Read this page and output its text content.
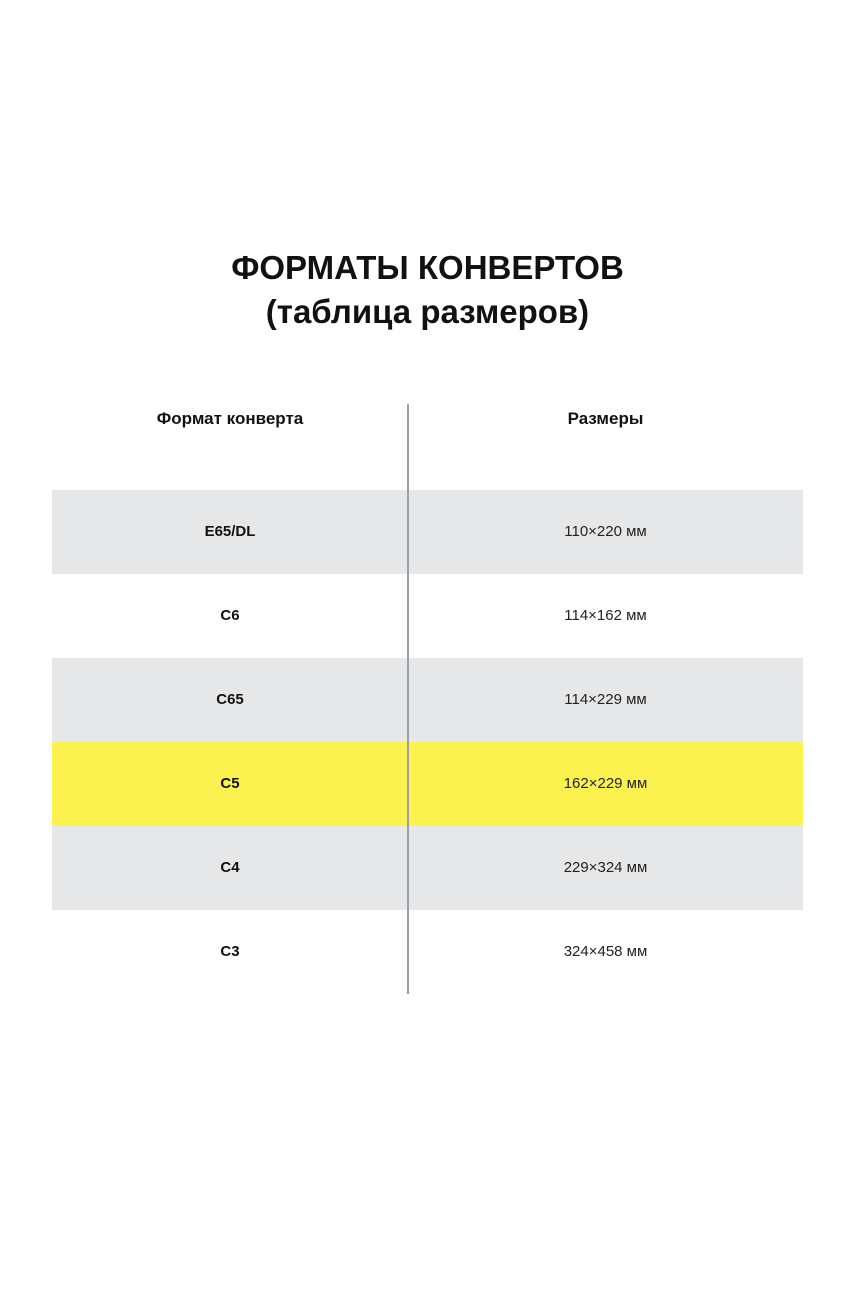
ФОРМАТЫ КОНВЕРТОВ
(таблица размеров)
Формат конверта	Размеры
E65/DL	110×220 мм
C6	114×162 мм
C65	114×229 мм
C5	162×229 мм
C4	229×324 мм
C3	324×458 мм
